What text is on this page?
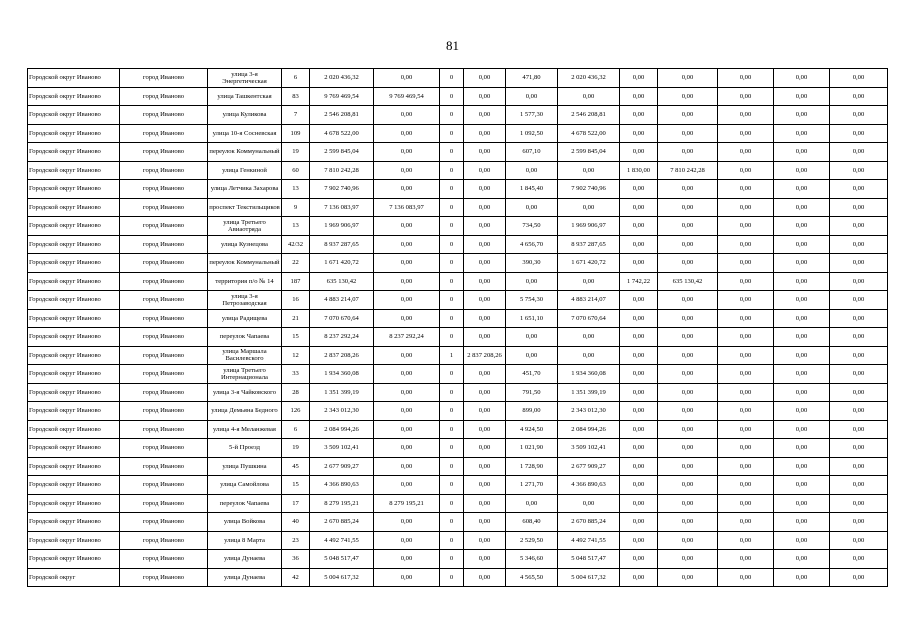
81
Городской округ Иваново	город Иваново	улица 3-я Энергетическая	6	2 020 436,32	0,00	0	0,00	471,80	2 020 436,32	0,00	0,00	0,00	0,00	0,00
Городской округ Иваново	город Иваново	улица Ташкентская	83	9 769 469,54	9 769 469,54	0	0,00	0,00	0,00	0,00	0,00	0,00	0,00	0,00
Городской округ Иваново	город Иваново	улица Куликова	7	2 546 208,81	0,00	0	0,00	1 577,30	2 546 208,81	0,00	0,00	0,00	0,00	0,00
Городской округ Иваново	город Иваново	улица 10-я Сосневская	109	4 678 522,00	0,00	0	0,00	1 092,50	4 678 522,00	0,00	0,00	0,00	0,00	0,00
Городской округ Иваново	город Иваново	переулок Коммунальный	19	2 599 845,04	0,00	0	0,00	607,10	2 599 845,04	0,00	0,00	0,00	0,00	0,00
Городской округ Иваново	город Иваново	улица Генкиной	60	7 810 242,28	0,00	0	0,00	0,00	0,00	1 830,00	7 810 242,28	0,00	0,00	0,00
Городской округ Иваново	город Иваново	улица Летчика Захарова	13	7 902 740,96	0,00	0	0,00	1 845,40	7 902 740,96	0,00	0,00	0,00	0,00	0,00
Городской округ Иваново	город Иваново	проспект Текстильщиков	9	7 136 083,97	7 136 083,97	0	0,00	0,00	0,00	0,00	0,00	0,00	0,00	0,00
Городской округ Иваново	город Иваново	улица Третьего Авиаотряда	13	1 969 906,97	0,00	0	0,00	734,50	1 969 906,97	0,00	0,00	0,00	0,00	0,00
Городской округ Иваново	город Иваново	улица Кузнецова	42/32	8 937 287,65	0,00	0	0,00	4 656,70	8 937 287,65	0,00	0,00	0,00	0,00	0,00
Городской округ Иваново	город Иваново	переулок Коммунальный	22	1 671 420,72	0,00	0	0,00	390,30	1 671 420,72	0,00	0,00	0,00	0,00	0,00
Городской округ Иваново	город Иваново	территория п/о № 14	187	635 130,42	0,00	0	0,00	0,00	0,00	1 742,22	635 130,42	0,00	0,00	0,00
Городской округ Иваново	город Иваново	улица 3-я Петрозаводская	16	4 883 214,07	0,00	0	0,00	5 754,30	4 883 214,07	0,00	0,00	0,00	0,00	0,00
Городской округ Иваново	город Иваново	улица Радищева	21	7 070 670,64	0,00	0	0,00	1 651,10	7 070 670,64	0,00	0,00	0,00	0,00	0,00
Городской округ Иваново	город Иваново	переулок Чапаева	15	8 237 292,24	8 237 292,24	0	0,00	0,00	0,00	0,00	0,00	0,00	0,00	0,00
Городской округ Иваново	город Иваново	улица Маршала Василевского	12	2 837 208,26	0,00	1	2 837 208,26	0,00	0,00	0,00	0,00	0,00	0,00	0,00
Городской округ Иваново	город Иваново	улица Третьего Интернационала	33	1 934 360,08	0,00	0	0,00	451,70	1 934 360,08	0,00	0,00	0,00	0,00	0,00
Городской округ Иваново	город Иваново	улица 3-я Чайковского	28	1 351 399,19	0,00	0	0,00	791,50	1 351 399,19	0,00	0,00	0,00	0,00	0,00
Городской округ Иваново	город Иваново	улица Демьяна Бедного	126	2 343 012,30	0,00	0	0,00	899,00	2 343 012,30	0,00	0,00	0,00	0,00	0,00
Городской округ Иваново	город Иваново	улица 4-я Меланжевая	6	2 084 994,26	0,00	0	0,00	4 924,50	2 084 994,26	0,00	0,00	0,00	0,00	0,00
Городской округ Иваново	город Иваново	5-й Проезд	19	3 509 102,41	0,00	0	0,00	1 021,90	3 509 102,41	0,00	0,00	0,00	0,00	0,00
Городской округ Иваново	город Иваново	улица Пушкина	45	2 677 909,27	0,00	0	0,00	1 728,90	2 677 909,27	0,00	0,00	0,00	0,00	0,00
Городской округ Иваново	город Иваново	улица Самойлова	15	4 366 890,63	0,00	0	0,00	1 271,70	4 366 890,63	0,00	0,00	0,00	0,00	0,00
Городской округ Иваново	город Иваново	переулок Чапаева	17	8 279 195,21	8 279 195,21	0	0,00	0,00	0,00	0,00	0,00	0,00	0,00	0,00
Городской округ Иваново	город Иваново	улица Войкова	40	2 670 885,24	0,00	0	0,00	608,40	2 670 885,24	0,00	0,00	0,00	0,00	0,00
Городской округ Иваново	город Иваново	улица 8 Марта	23	4 492 741,55	0,00	0	0,00	2 529,50	4 492 741,55	0,00	0,00	0,00	0,00	0,00
Городской округ Иваново	город Иваново	улица Дунаева	36	5 048 517,47	0,00	0	0,00	5 346,60	5 048 517,47	0,00	0,00	0,00	0,00	0,00
Городской округ	город Иваново	улица Дунаева	42	5 004 617,32	0,00	0	0,00	4 565,50	5 004 617,32	0,00	0,00	0,00	0,00	0,00
